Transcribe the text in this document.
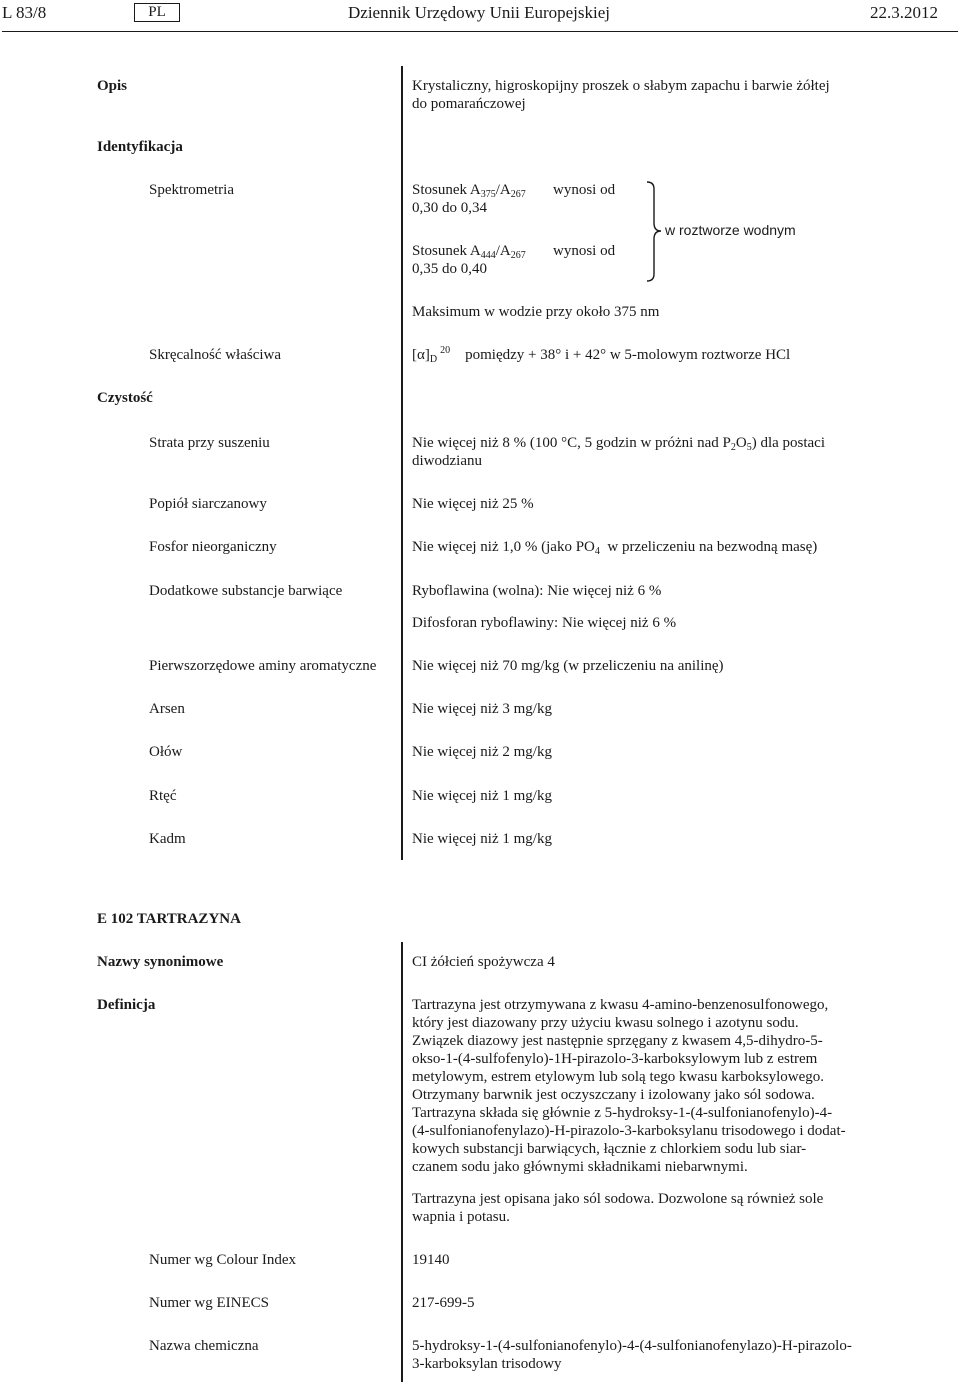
L 83/8	PL	Dziennik Urzędowy Unii Europejskiej	22.3.2012
Opis	Krystaliczny, higroskopijny proszek o słabym zapachu i barwie żółtej
do pomarańczowej
Identyfikacja
Spektrometria	Stosunek $A_{375}/A_{267}$ wynosi od
0,30 do 0,34
Stosunek $A_{444}/A_{267}$ wynosi od
0,35 do 0,40
w roztworze wodnym
Maksimum w wodzie przy około 375 nm
Skręcalność właściwa	$[\alpha]_D$ $^{20}$  pomiędzy + 38° i + 42° w 5-molowym roztworze HCl
Czystość
Strata przy suszeniu	Nie więcej niż 8 % (100 °C, 5 godzin w próżni nad $P_2O_5$) dla postaci
diwodzianu
Popiół siarczanowy	Nie więcej niż 25 %
Fosfor nieorganiczny	Nie więcej niż 1,0 % (jako $PO_4$  w przeliczeniu na bezwodną masę)
Dodatkowe substancje barwiące	Ryboflawina (wolna): Nie więcej niż 6 %
Difosforan ryboflawiny: Nie więcej niż 6 %
Pierwszorzędowe aminy aromatyczne Nie więcej niż 70 mg/kg (w przeliczeniu na anilinę)
Arsen	Nie więcej niż 3 mg/kg
Ołów	Nie więcej niż 2 mg/kg
Rtęć	Nie więcej niż 1 mg/kg
Kadm	Nie więcej niż 1 mg/kg
E 102 TARTRAZYNA
Nazwy synonimowe	CI żółcień spożywcza 4
Definicja	Tartrazyna jest otrzymywana z kwasu 4-amino-benzenosulfonowego,
który jest diazowany przy użyciu kwasu solnego i azotynu sodu.
Związek diazowy jest następnie sprzęgany z kwasem 4,5-dihydro-5-
okso-1-(4-sulfofenylo)-1H-pirazolo-3-karboksylowym lub z estrem
metylowym, estrem etylowym lub solą tego kwasu karboksylowego.
Otrzymany barwnik jest oczyszczany i izolowany jako sól sodowa.
Tartrazyna składa się głównie z 5-hydroksy-1-(4-sulfonianofenylo)-4-
(4-sulfonianofenylazo)-H-pirazolo-3-karboksylanu trisodowego i dodat-
kowych substancji barwiących, łącznie z chlorkiem sodu lub siar-
czanem sodu jako głównymi składnikami niebarwnymi.
Tartrazyna jest opisana jako sól sodowa. Dozwolone są również sole
wapnia i potasu.
Numer wg Colour Index	19140
Numer wg EINECS	217-699-5
Nazwa chemiczna	5-hydroksy-1-(4-sulfonianofenylo)-4-(4-sulfonianofenylazo)-H-pirazolo-
3-karboksylan trisodowy
